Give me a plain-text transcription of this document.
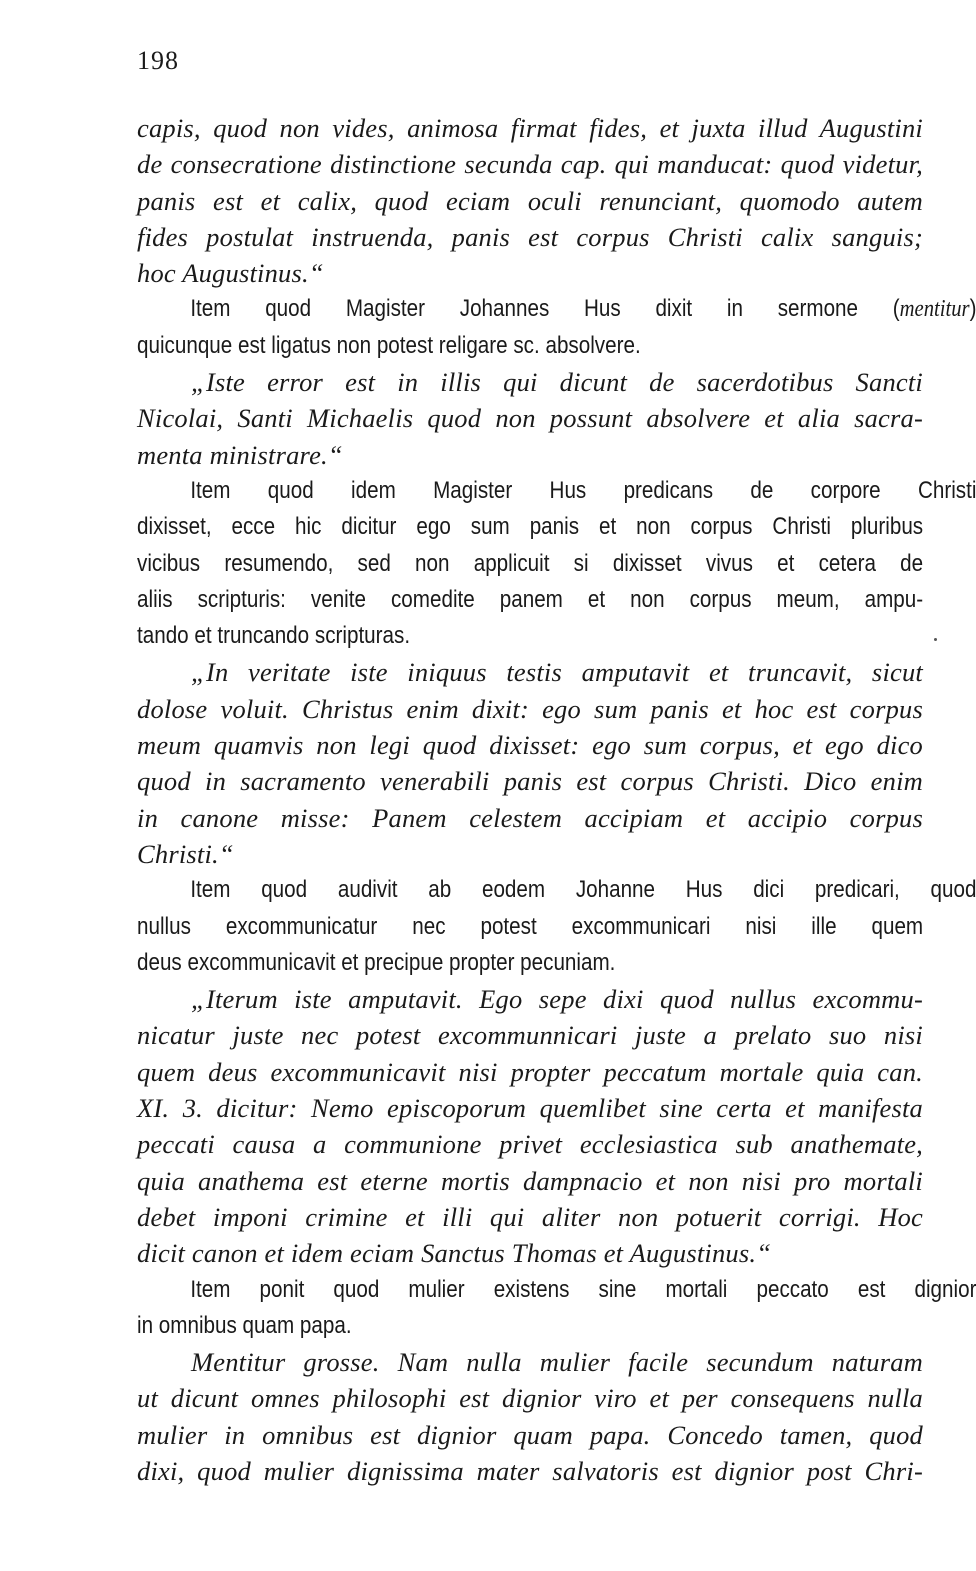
198
capis, quod non vides, animosa firmat fides, et juxta illud Augustini
de consecratione distinctione secunda cap. qui manducat: quod videtur,
panis est et calix, quod eciam oculi renunciant, quomodo autem
fides postulat instruenda, panis est corpus Christi calix sanguis;
hoc Augustinus.“
Item quod Magister Johannes Hus dixit in sermone (mentitur)
quicunque est ligatus non potest religare sc. absolvere.
„Iste error est in illis qui dicunt de sacerdotibus Sancti
Nicolai, Santi Michaelis quod non possunt absolvere et alia sacra-
menta ministrare.“
Item quod idem Magister Hus predicans de corpore Christi
dixisset, ecce hic dicitur ego sum panis et non corpus Christi pluribus
vicibus resumendo, sed non applicuit si dixisset vivus et cetera de
aliis scripturis: venite comedite panem et non corpus meum, ampu-
tando et truncando scripturas.
„In veritate iste iniquus testis amputavit et truncavit, sicut
dolose voluit. Christus enim dixit: ego sum panis et hoc est corpus
meum quamvis non legi quod dixisset: ego sum corpus, et ego dico
quod in sacramento venerabili panis est corpus Christi. Dico enim
in canone misse: Panem celestem accipiam et accipio corpus
Christi.“
Item quod audivit ab eodem Johanne Hus dici predicari, quod
nullus excommunicatur nec potest excommunicari nisi ille quem
deus excommunicavit et precipue propter pecuniam.
„Iterum iste amputavit. Ego sepe dixi quod nullus excommu-
nicatur juste nec potest excommunnicari juste a prelato suo nisi
quem deus excommunicavit nisi propter peccatum mortale quia can.
XI. 3. dicitur: Nemo episcoporum quemlibet sine certa et manifesta
peccati causa a communione privet ecclesiastica sub anathemate,
quia anathema est eterne mortis dampnacio et non nisi pro mortali
debet imponi crimine et illi qui aliter non potuerit corrigi. Hoc
dicit canon et idem eciam Sanctus Thomas et Augustinus.“
Item ponit quod mulier existens sine mortali peccato est dignior
in omnibus quam papa.
Mentitur grosse. Nam nulla mulier facile secundum naturam
ut dicunt omnes philosophi est dignior viro et per consequens nulla
mulier in omnibus est dignior quam papa. Concedo tamen, quod
dixi, quod mulier dignissima mater salvatoris est dignior post Chri-
